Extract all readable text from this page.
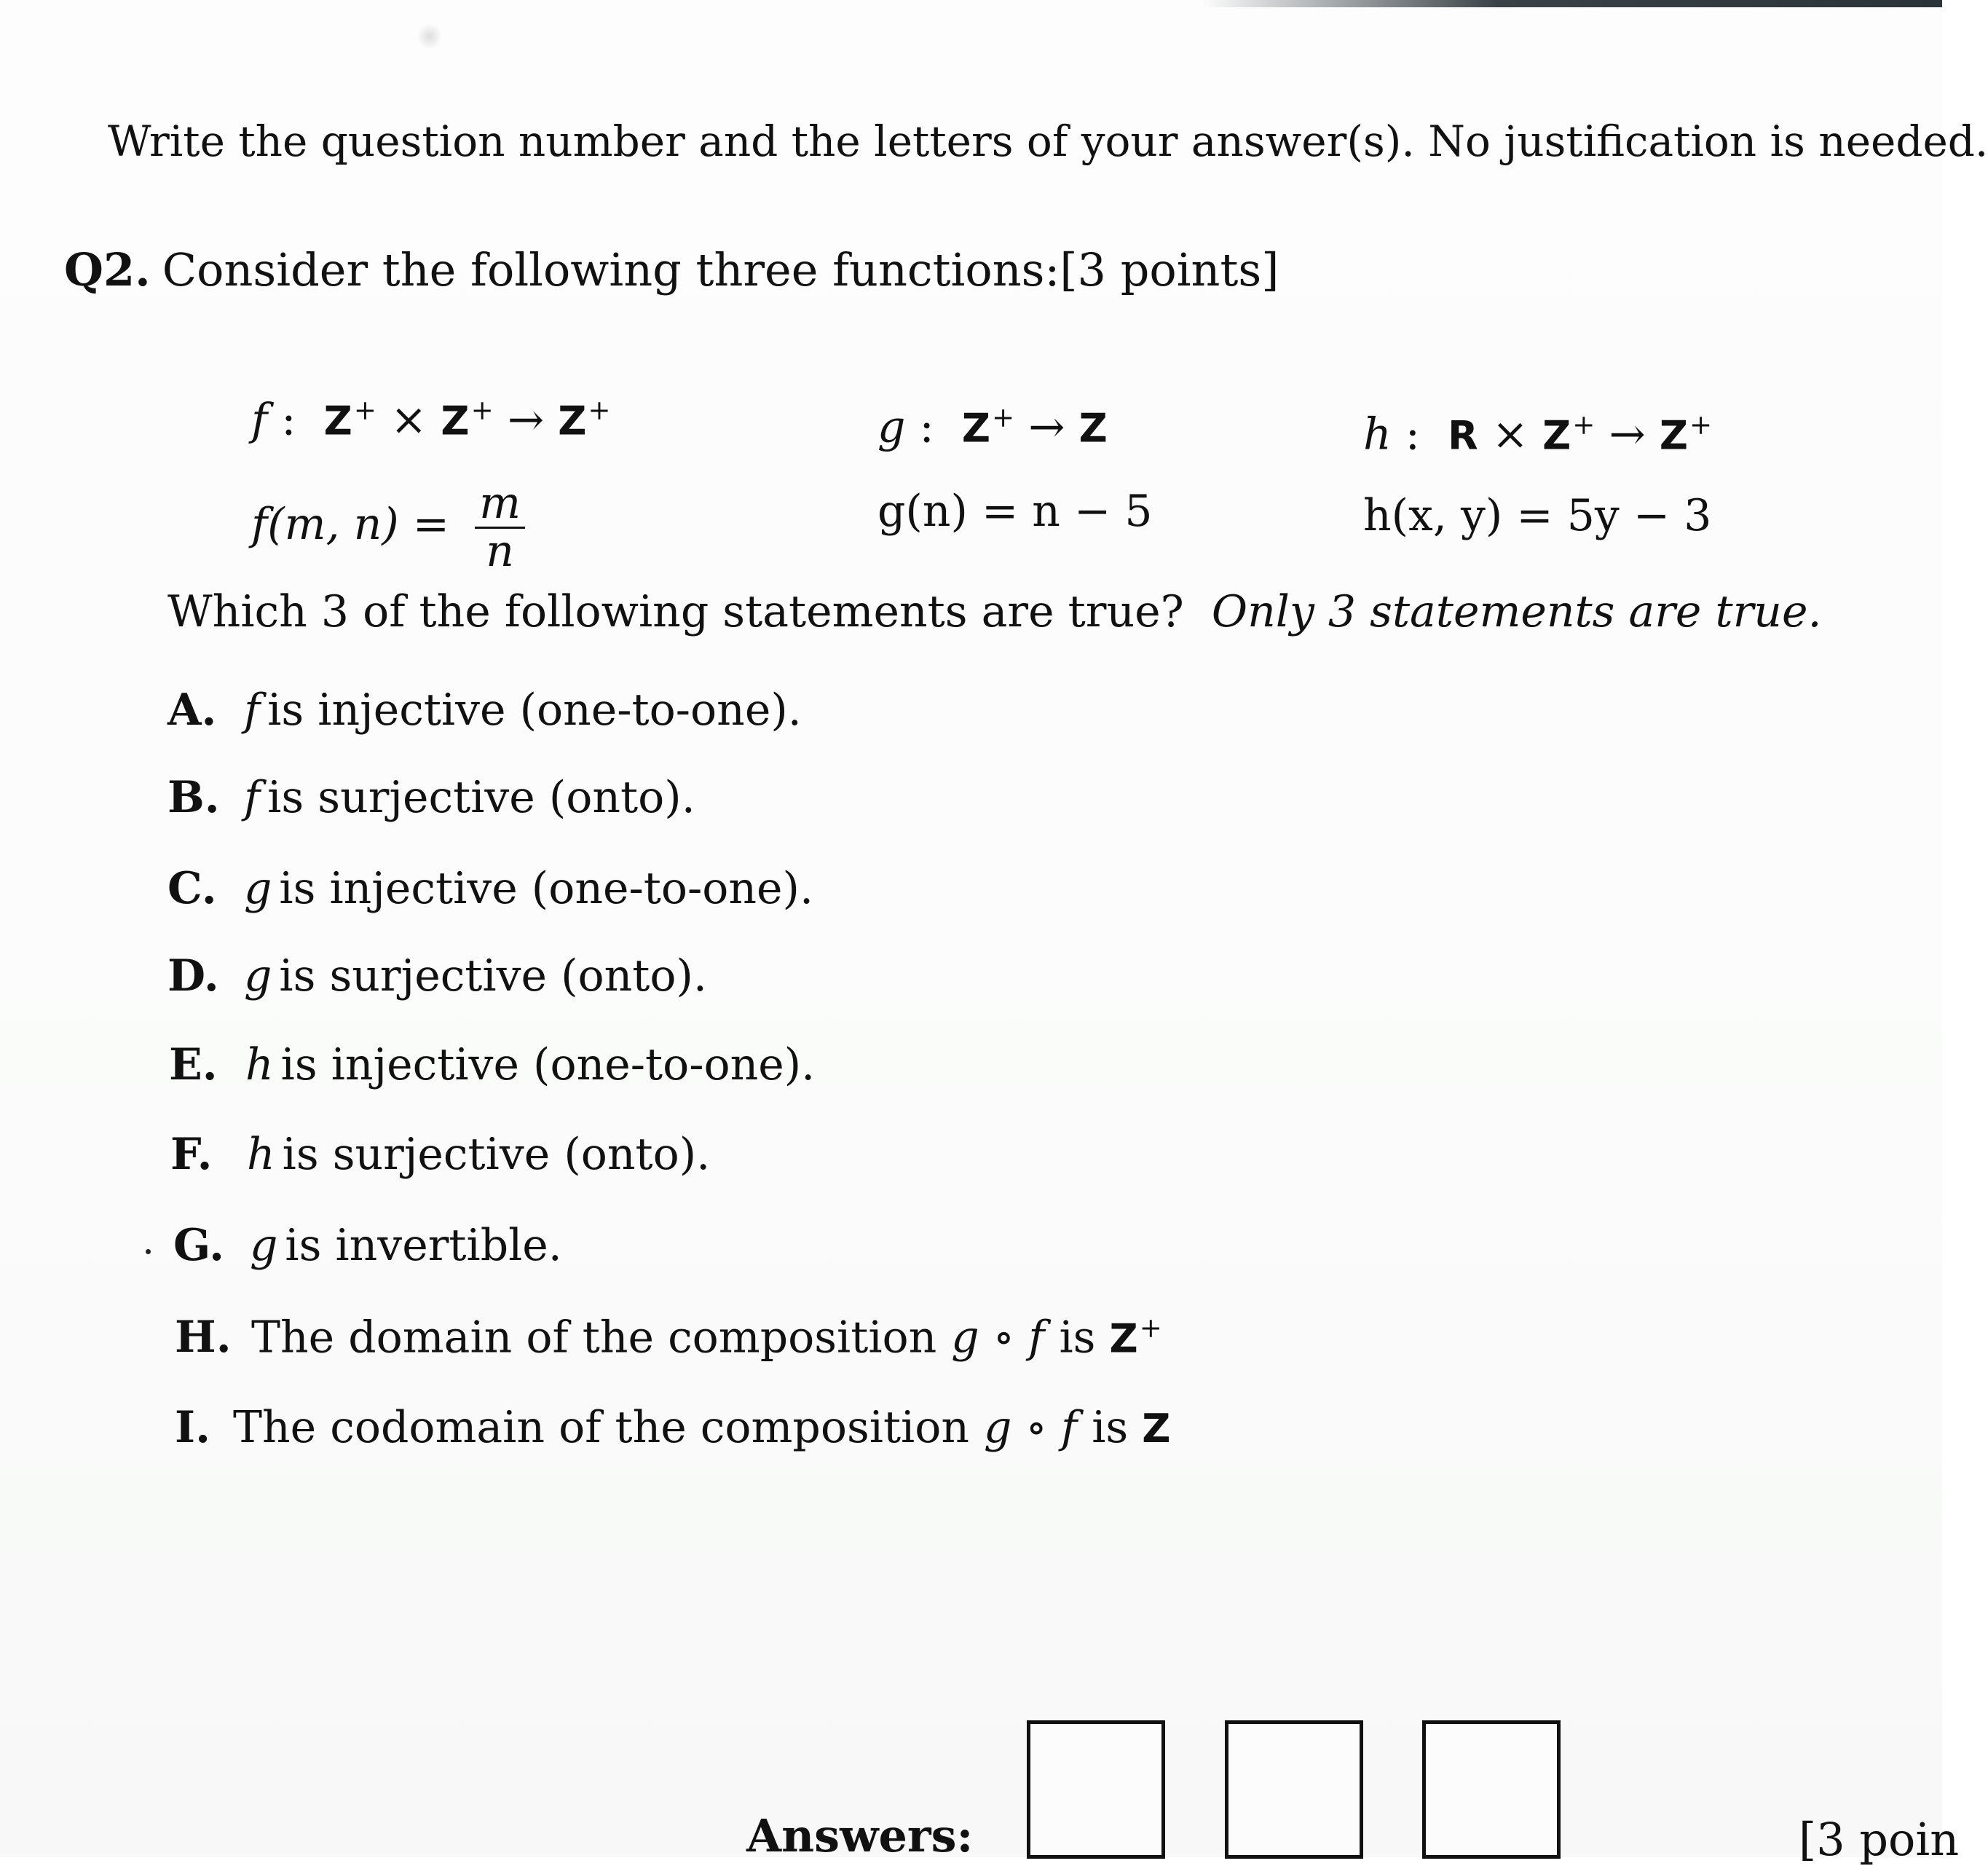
Write the question number and the letters of your answer(s). No justification is needed.
Q2. Consider the following three functions:[3 points]
f :  Z+ × Z+ → Z+
f(m, $n) = \frac{m}{n}$
g :  Z+ → Z
g(n) = n − 5
h :  R × Z+ → Z+
h(x, y) = 5y − 3
Which 3 of the following statements are true? Only 3 statements are true.
A. f is injective (one-to-one).
B. f is surjective (onto).
C. g is injective (one-to-one).
D. g is surjective (onto).
E. h is injective (one-to-one).
F. h is surjective (onto).
G. g is invertible.
H. The domain of the composition g ∘ f is Z+
I. The codomain of the composition g ∘ f is Z
Answers:	[3 poin
